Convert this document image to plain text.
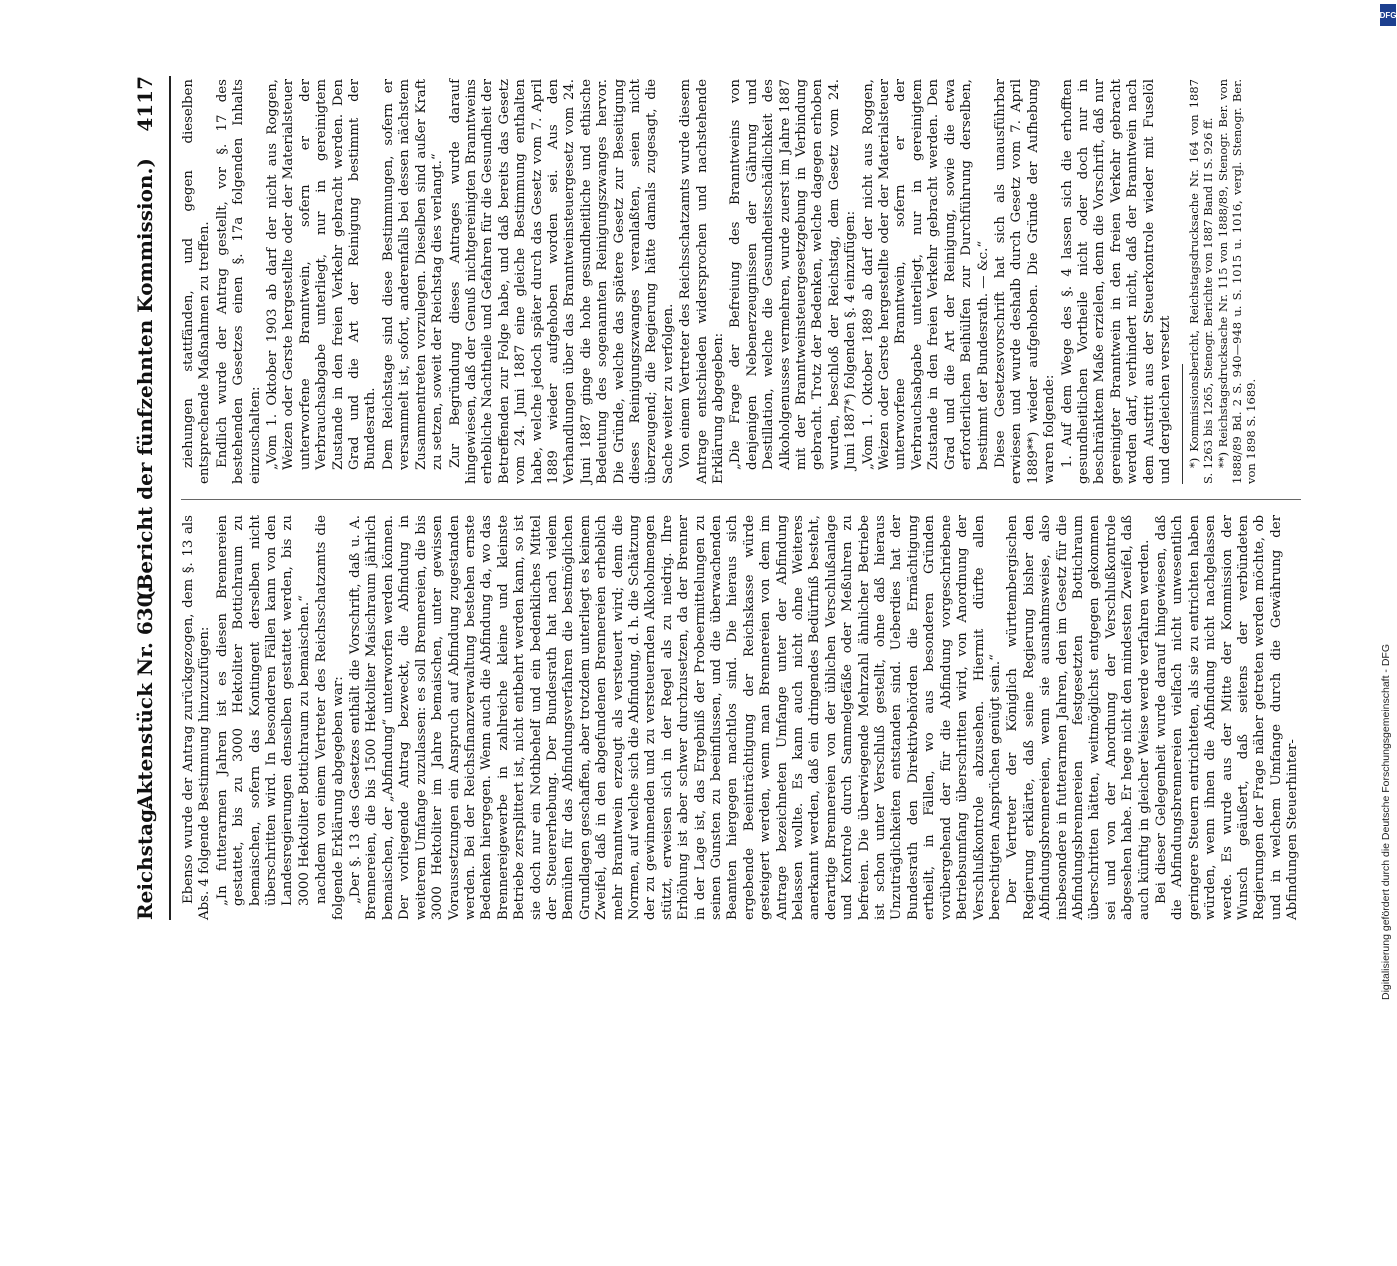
Reichstag.
Aktenstück Nr. 630.
(Bericht der fünfzehnten Kommission.)
4117

Ebenso wurde der Antrag zurückgezogen, dem §. 13 als Abs. 4 folgende Bestimmung hinzuzufügen: „In futterarmen Jahren ist es diesen Brennereien gestattet, bis zu 3000 Hektoliter Bottichraum zu bemaischen, sofern das Kontingent derselben nicht überschritten wird. In besonderen Fällen kann von den Landesregierungen denselben gestattet werden, bis zu 3000 Hektoliter Bottichraum zu bemaischen.“ nachdem von einem Vertreter des Reichsschatzamts die folgende Erklärung abgegeben war: „Der §. 13 des Gesetzes enthält die Vorschrift, daß u. A. Brennereien, die bis 1500 Hektoliter Maischraum jährlich bemaischen, der „Abfindung“ unterworfen werden können. Der vorliegende Antrag bezweckt, die Abfindung in weiterem Umfange zuzulassen: es soll Brennereien, die bis 3000 Hektoliter im Jahre bemaischen, unter gewissen Voraussetzungen ein Anspruch auf Abfindung zugestanden werden. Bei der Reichsfinanzverwaltung bestehen ernste Bedenken hiergegen. Wenn auch die Abfindung da, wo das Brennereigewerbe in zahlreiche kleine und kleinste Betriebe zersplittert ist, nicht entbehrt werden kann, so ist sie doch nur ein Nothbehelf und ein bedenkliches Mittel der Steuererhebung. Der Bundesrath hat nach vielem Bemühen für das Abfindungsverfahren die bestmöglichen Grundlagen geschaffen, aber trotzdem unterliegt es keinem Zweifel, daß in den abgefundenen Brennereien erheblich mehr Branntwein erzeugt als versteuert wird; denn die Normen, auf welche sich die Abfindung, d. h. die Schätzung der zu gewinnenden und zu versteuernden Alkoholmengen stützt, erweisen sich in der Regel als zu niedrig. Ihre Erhöhung ist aber schwer durchzusetzen, da der Brenner in der Lage ist, das Ergebniß der Probeermittelungen zu seinen Gunsten zu beeinflussen, und die überwachenden Beamten hiergegen machtlos sind. Die hieraus sich ergebende Beeinträchtigung der Reichskasse würde gesteigert werden, wenn man Brennereien von dem im Antrage bezeichneten Umfange unter der Abfindung belassen wollte. Es kann auch nicht ohne Weiteres anerkannt werden, daß ein dringendes Bedürfniß besteht, derartige Brennereien von der üblichen Verschlußanlage und Kontrole durch Sammelgefäße oder Meßuhren zu befreien. Die überwiegende Mehrzahl ähnlicher Betriebe ist schon unter Verschluß gestellt, ohne daß hieraus Unzuträglichkeiten entstanden sind. Ueberdies hat der Bundesrath den Direktivbehörden die Ermächtigung ertheilt, in Fällen, wo aus besonderen Gründen vorübergehend der für die Abfindung vorgeschriebene Betriebsumfang überschritten wird, von Anordnung der Verschlußkontrole abzusehen. Hiermit dürfte allen berechtigten Ansprüchen genügt sein.“ Der Vertreter der Königlich württembergischen Regierung erklärte, daß seine Regierung bisher den Abfindungsbrennereien, wenn sie ausnahmsweise, also insbesondere in futterarmen Jahren, den im Gesetz für die Abfindungsbrennereien festgesetzten Bottichraum überschritten hätten, weitmöglichst entgegen gekommen sei und von der Anordnung der Verschlußkontrole abgesehen habe. Er hege nicht den mindesten Zweifel, daß auch künftig in gleicher Weise werde verfahren werden. Bei dieser Gelegenheit wurde darauf hingewiesen, daß die Abfindungsbrennereien vielfach nicht unwesentlich geringere Steuern entrichteten, als sie zu entrichten haben würden, wenn ihnen die Abfindung nicht nachgelassen werde. Es wurde aus der Mitte der Kommission der Wunsch geäußert, daß seitens der verbündeten Regierungen der Frage näher getreten werden möchte, ob und in welchem Umfange durch die Gewährung der Abfindungen Steuerhinter-

ziehungen stattfänden, und gegen dieselben entsprechende Maßnahmen zu treffen. Endlich wurde der Antrag gestellt, vor §. 17 des bestehenden Gesetzes einen §. 17a folgenden Inhalts einzuschalten: „Vom 1. Oktober 1903 ab darf der nicht aus Roggen, Weizen oder Gerste hergestellte oder der Materialsteuer unterworfene Branntwein, sofern er der Verbrauchsabgabe unterliegt, nur in gereinigtem Zustande in den freien Verkehr gebracht werden. Den Grad und die Art der Reinigung bestimmt der Bundesrath. Dem Reichstage sind diese Bestimmungen, sofern er versammelt ist, sofort, anderenfalls bei dessen nächstem Zusammentreten vorzulegen. Dieselben sind außer Kraft zu setzen, soweit der Reichstag dies verlangt.“ Zur Begründung dieses Antrages wurde darauf hingewiesen, daß der Genuß nichtgereinigten Branntweins erhebliche Nachtheile und Gefahren für die Gesundheit der Betreffenden zur Folge habe, und daß bereits das Gesetz vom 24. Juni 1887 eine gleiche Bestimmung enthalten habe, welche jedoch später durch das Gesetz vom 7. April 1889 wieder aufgehoben worden sei. Aus den Verhandlungen über das Branntweinsteuergesetz vom 24. Juni 1887 ginge die hohe gesundheitliche und ethische Bedeutung des sogenannten Reinigungszwanges hervor. Die Gründe, welche das spätere Gesetz zur Beseitigung dieses Reinigungszwanges veranlaßten, seien nicht überzeugend; die Regierung hätte damals zugesagt, die Sache weiter zu verfolgen. Von einem Vertreter des Reichsschatzamts wurde diesem Antrage entschieden widersprochen und nachstehende Erklärung abgegeben: „Die Frage der Befreiung des Branntweins von denjenigen Nebenerzeugnissen der Gährung und Destillation, welche die Gesundheitsschädlichkeit des Alkoholgenusses vermehren, wurde zuerst im Jahre 1887 mit der Branntweinsteuergesetzgebung in Verbindung gebracht. Trotz der Bedenken, welche dagegen erhoben wurden, beschloß der Reichstag, dem Gesetz vom 24. Juni 1887*) folgenden §. 4 einzufügen: „Vom 1. Oktober 1889 ab darf der nicht aus Roggen, Weizen oder Gerste hergestellte oder der Materialsteuer unterworfene Branntwein, sofern er der Verbrauchsabgabe unterliegt, nur in gereinigtem Zustande in den freien Verkehr gebracht werden. Den Grad und die Art der Reinigung, sowie die etwa erforderlichen Beihülfen zur Durchführung derselben, bestimmt der Bundesrath. — &c.“ Diese Gesetzesvorschrift hat sich als unausführbar erwiesen und wurde deshalb durch Gesetz vom 7. April 1889**) wieder aufgehoben. Die Gründe der Aufhebung waren folgende: 1. Auf dem Wege des §. 4 lassen sich die erhofften gesundheitlichen Vortheile nicht oder doch nur in beschränktem Maße erzielen, denn die Vorschrift, daß nur gereinigter Branntwein in den freien Verkehr gebracht werden darf, verhindert nicht, daß der Branntwein nach dem Austritt aus der Steuerkontrole wieder mit Fuselöl und dergleichen versetzt *) Kommissionsbericht, Reichstagsdrucksache Nr. 164 von 1887 S. 1263 bis 1265, Stenogr. Berichte von 1887 Band II S. 926 ff. **) Reichstagsdrucksache Nr. 115 von 1888/89, Stenogr. Ber. von 1888/89 Bd. 2 S. 940—948 u. S. 1015 u. 1016, vergl. Stenogr. Ber. von 1898 S. 1689.

Digitalisierung gefördert durch die Deutsche Forschungsgemeinschaft - DFG
DFG
